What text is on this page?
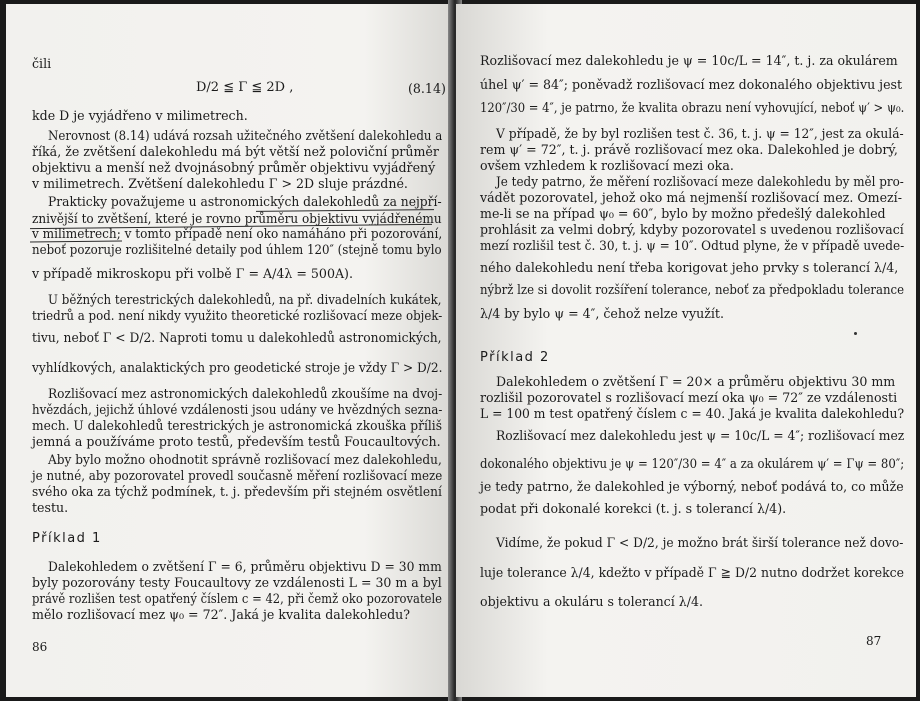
čili

D/2 ≦ Γ ≦ 2D ,	(8.14)

kde D je vyjádřeno v milimetrech.

Nerovnost (8.14) udává rozsah užitečného zvětšení dalekohledu a

říká, že zvětšení dalekohledu má být větší než poloviční průměr

objektivu a menší než dvojnásobný průměr objektivu vyjádřený

v milimetrech. Zvětšení dalekohledu Γ > 2D sluje prázdné.

Prakticky považujeme u astronomických dalekohledů za nejpří-

znivější to zvětšení, které je rovno průměru objektivu vyjádřenému

v milimetrech; v tomto případě není oko namáháno při pozorování,

neboť pozoruje rozlišitelné detaily pod úhlem 120″ (stejně tomu bylo

v případě mikroskopu při volbě Γ = A/4λ = 500A).

U běžných terestrických dalekohledů, na př. divadelních kukátek,

triedrů a pod. není nikdy využito theoretické rozlišovací meze objek-

tivu, neboť Γ < D/2. Naproti tomu u dalekohledů astronomických,

vyhlídkových, analaktických pro geodetické stroje je vždy Γ > D/2.

Rozlišovací mez astronomických dalekohledů zkoušíme na dvoj-

hvězdách, jejichž úhlové vzdálenosti jsou udány ve hvězdných sezna-

mech. U dalekohledů terestrických je astronomická zkouška příliš

jemná a používáme proto testů, především testů Foucaultových.

Aby bylo možno ohodnotit správně rozlišovací mez dalekohledu,

je nutné, aby pozorovatel provedl současně měření rozlišovací meze

svého oka za týchž podmínek, t. j. především při stejném osvětlení

testu.

Příklad 1

Dalekohledem o zvětšení Γ = 6, průměru objektivu D = 30 mm

byly pozorovány testy Foucaultovy ze vzdálenosti L = 30 m a byl

právě rozlišen test opatřený číslem c = 42, při čemž oko pozorovatele

mělo rozlišovací mez ψ₀ = 72″. Jaká je kvalita dalekohledu?

86

Rozlišovací mez dalekohledu je ψ = 10c/L = 14″, t. j. za okulárem

úhel ψ′ = 84″; poněvadž rozlišovací mez dokonalého objektivu jest

120″/30 = 4″, je patrno, že kvalita obrazu není vyhovující, neboť ψ′ > ψ₀.

V případě, že by byl rozlišen test č. 36, t. j. ψ = 12″, jest za okulá-

rem ψ′ = 72″, t. j. právě rozlišovací mez oka. Dalekohled je dobrý,

ovšem vzhledem k rozlišovací mezi oka.

Je tedy patrno, že měření rozlišovací meze dalekohledu by měl pro-

vádět pozorovatel, jehož oko má nejmenší rozlišovací mez. Omezí-

me-li se na případ ψ₀ = 60″, bylo by možno předešlý dalekohled

prohlásit za velmi dobrý, kdyby pozorovatel s uvedenou rozlišovací

mezí rozlišil test č. 30, t. j. ψ = 10″. Odtud plyne, že v případě uvede-

ného dalekohledu není třeba korigovat jeho prvky s tolerancí λ/4,

nýbrž lze si dovolit rozšíření tolerance, neboť za předpokladu tolerance

λ/4 by bylo ψ = 4″, čehož nelze využít.

Příklad 2

Dalekohledem o zvětšení Γ = 20× a průměru objektivu 30 mm

rozlišil pozorovatel s rozlišovací mezí oka ψ₀ = 72″ ze vzdálenosti

L = 100 m test opatřený číslem c = 40. Jaká je kvalita dalekohledu?

Rozlišovací mez dalekohledu jest ψ = 10c/L = 4″; rozlišovací mez

dokonalého objektivu je ψ = 120″/30 = 4″ a za okulárem ψ′ = Γψ = 80″;

je tedy patrno, že dalekohled je výborný, neboť podává to, co může

podat při dokonalé korekci (t. j. s tolerancí λ/4).

Vidíme, že pokud Γ < D/2, je možno brát širší tolerance než dovo-

luje tolerance λ/4, kdežto v případě Γ ≧ D/2 nutno dodržet korekce

objektivu a okuláru s tolerancí λ/4.

87
